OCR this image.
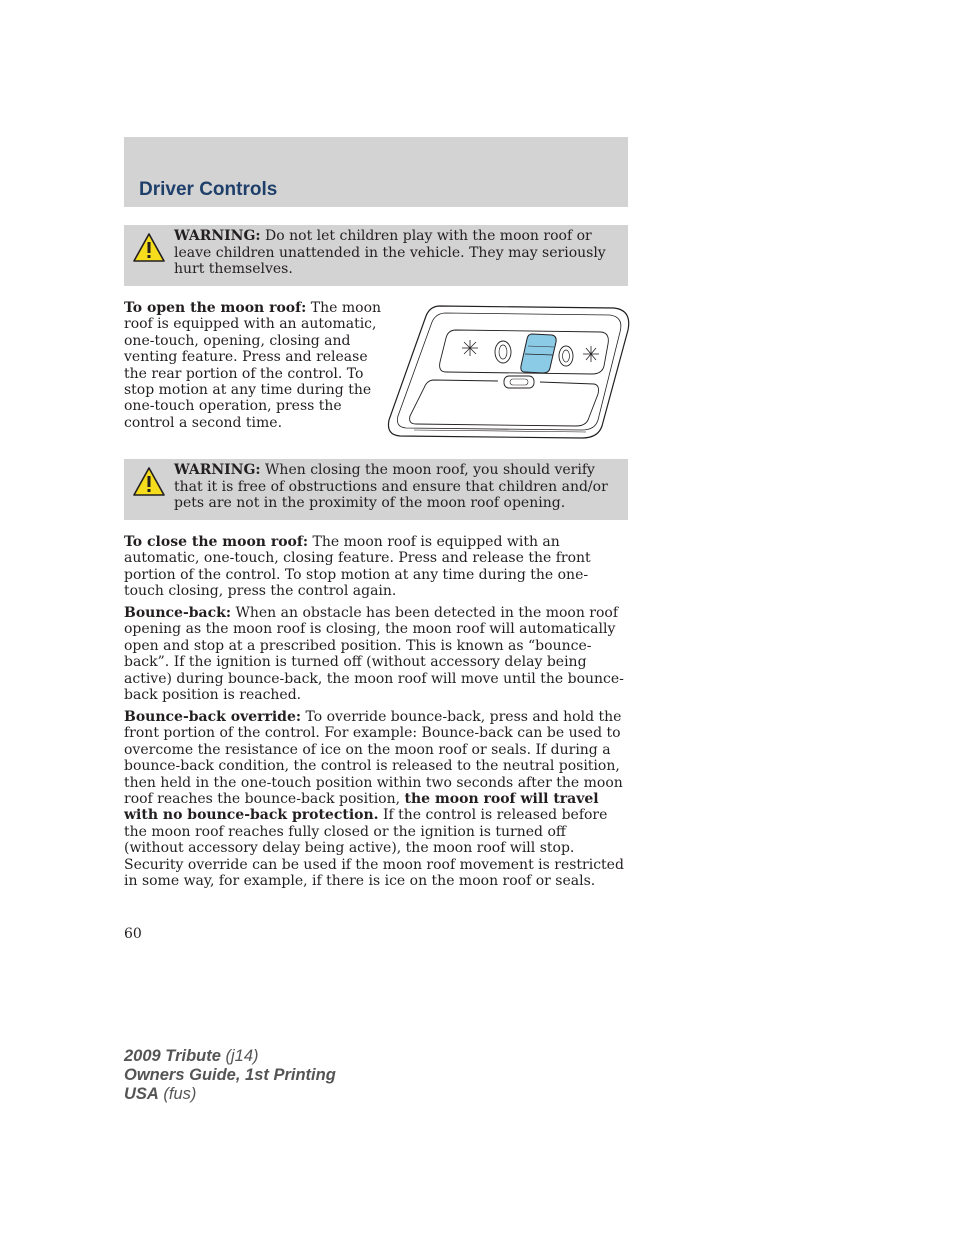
Driver Controls
WARNING: Do not let children play with the moon roof or leave children unattended in the vehicle. They may seriously hurt themselves.

To open the moon roof: The moon roof is equipped with an automatic, one-touch, opening, closing and venting feature. Press and release the rear portion of the control. To stop motion at any time during the one-touch operation, press the control a second time.

WARNING: When closing the moon roof, you should verify that it is free of obstructions and ensure that children and/or pets are not in the proximity of the moon roof opening.

To close the moon roof: The moon roof is equipped with an automatic, one-touch, closing feature. Press and release the front portion of the control. To stop motion at any time during the one-touch closing, press the control again.

Bounce-back: When an obstacle has been detected in the moon roof opening as the moon roof is closing, the moon roof will automatically open and stop at a prescribed position. This is known as “bounce-back”. If the ignition is turned off (without accessory delay being active) during bounce-back, the moon roof will move until the bounce-back position is reached.

Bounce-back override: To override bounce-back, press and hold the front portion of the control. For example: Bounce-back can be used to overcome the resistance of ice on the moon roof or seals. If during a bounce-back condition, the control is released to the neutral position, then held in the one-touch position within two seconds after the moon roof reaches the bounce-back position, the moon roof will travel with no bounce-back protection. If the control is released before the moon roof reaches fully closed or the ignition is turned off (without accessory delay being active), the moon roof will stop. Security override can be used if the moon roof movement is restricted in some way, for example, if there is ice on the moon roof or seals.

60
2009 Tribute (j14)
Owners Guide, 1st Printing
USA (fus)
